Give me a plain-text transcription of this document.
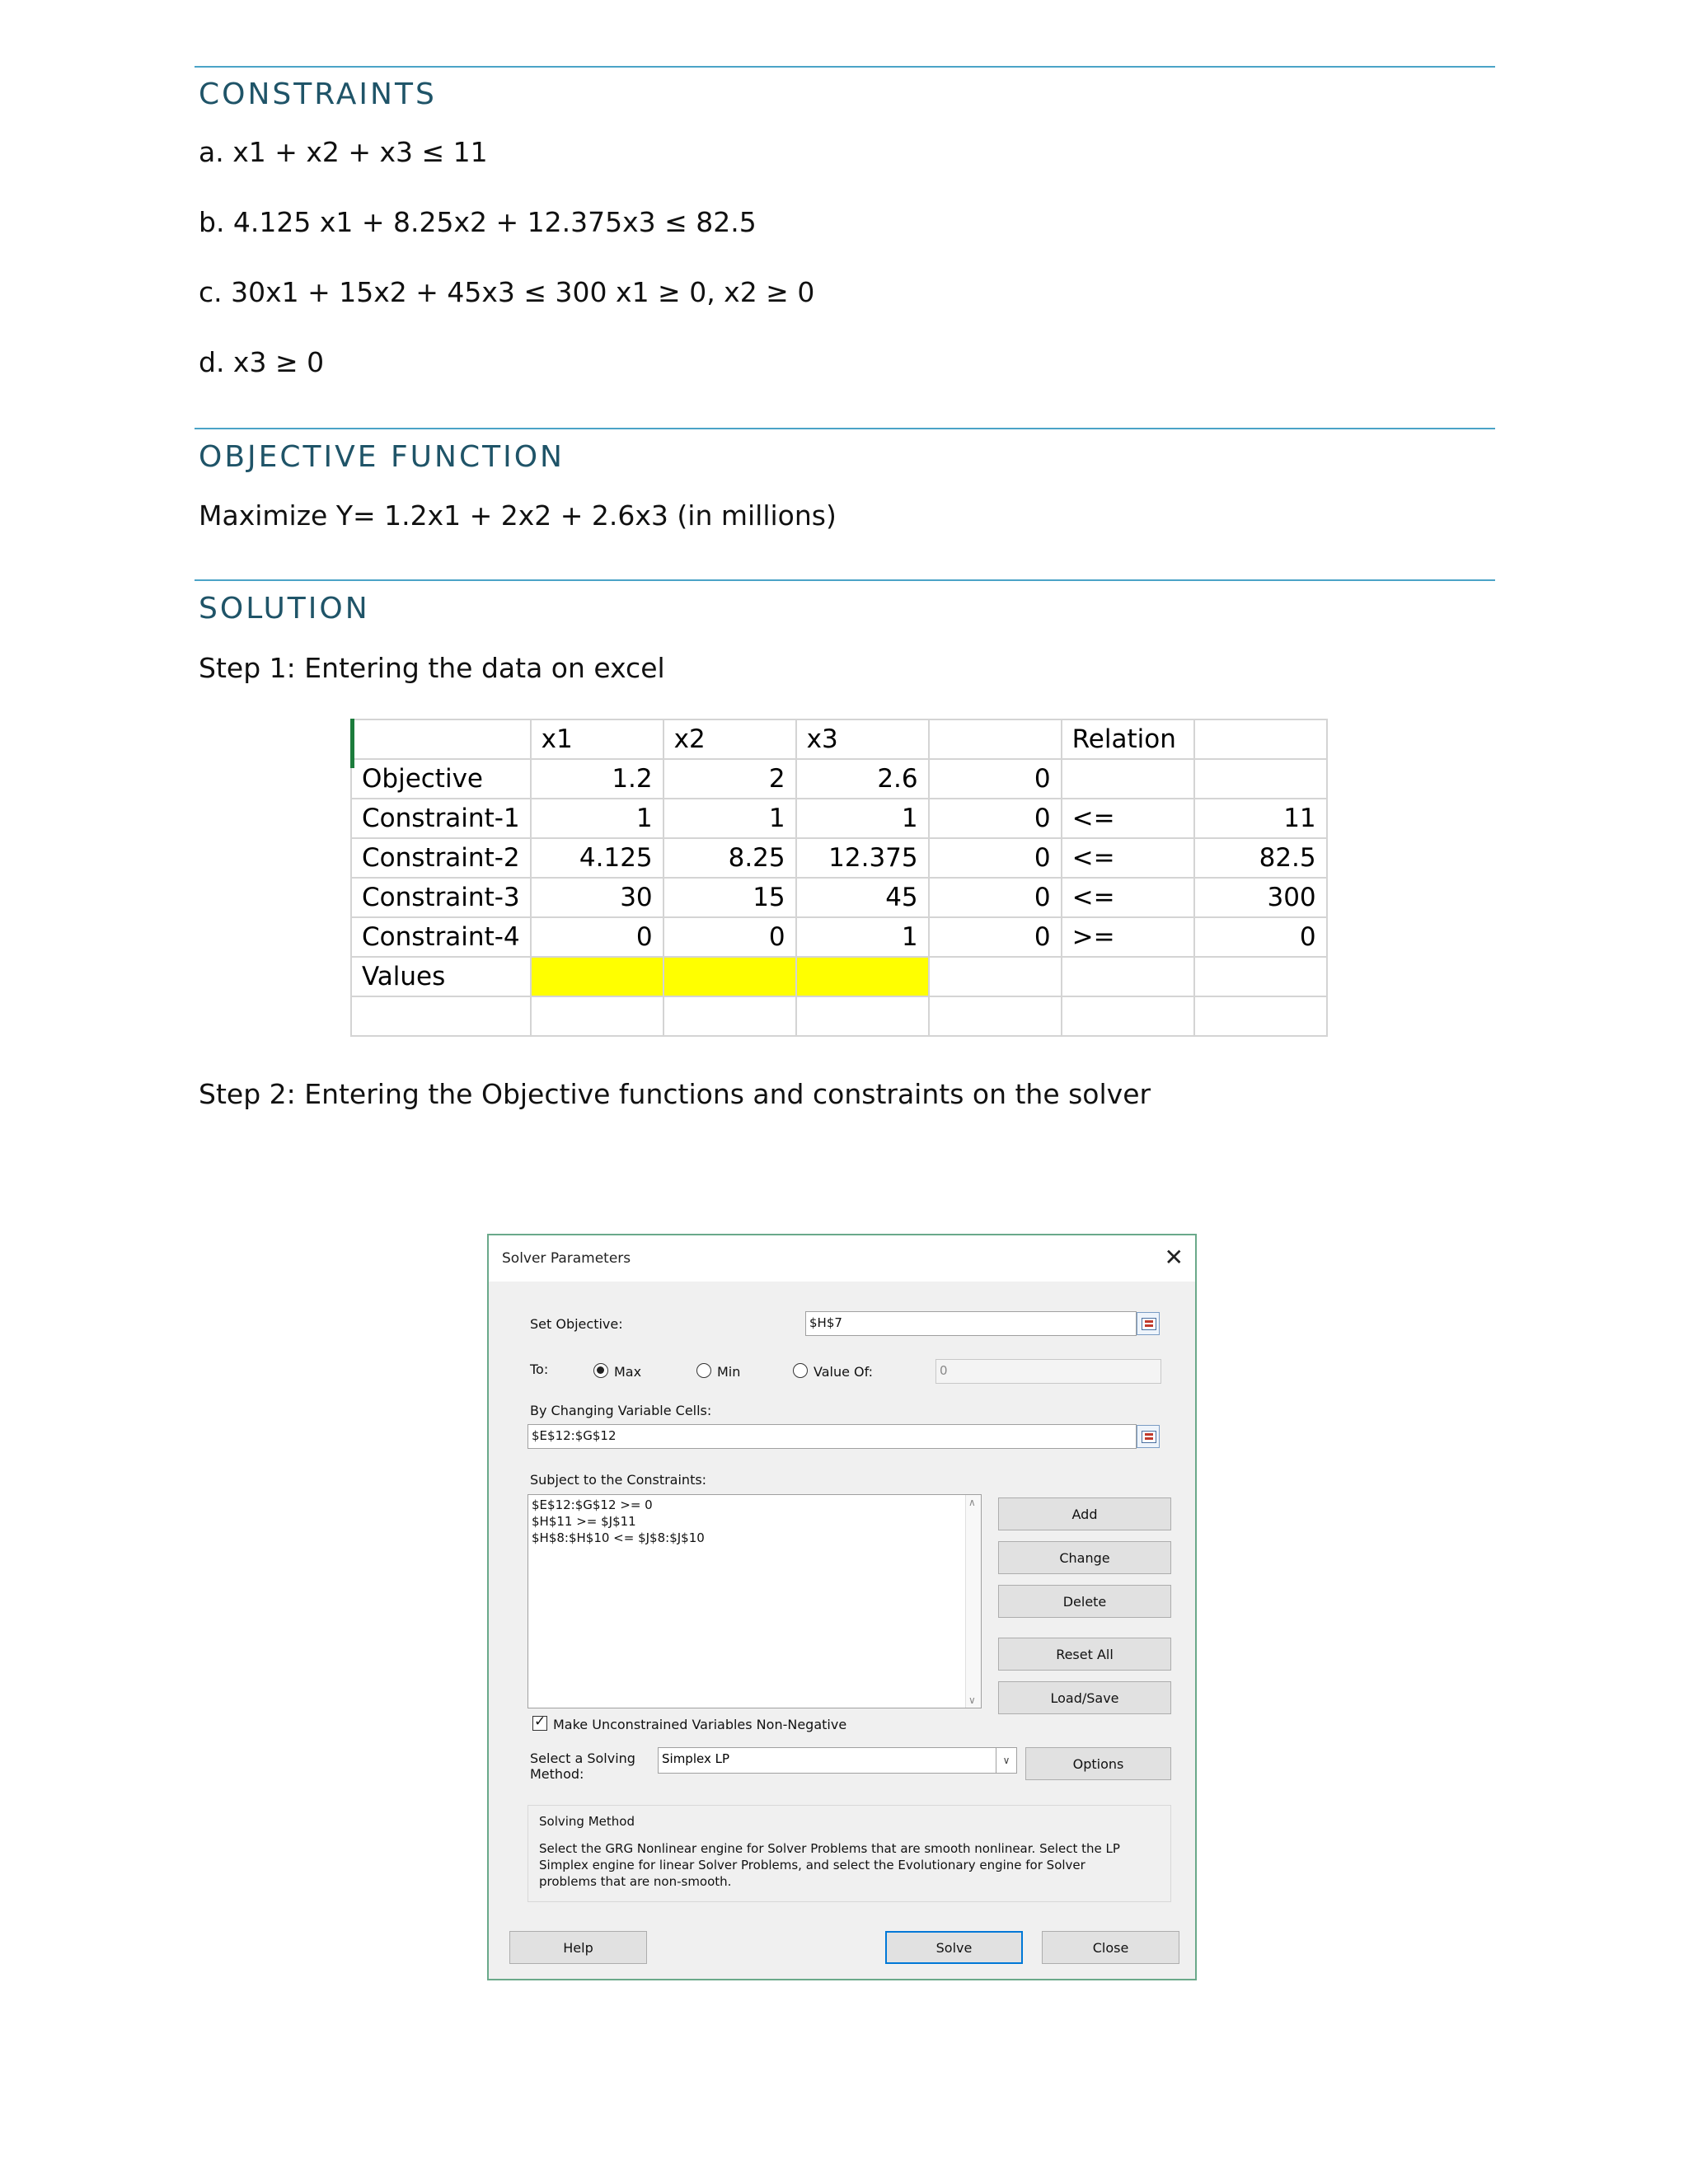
CONSTRAINTS
a. x1 + x2 + x3 ≤ 11
b. 4.125 x1 + 8.25x2 + 12.375x3 ≤ 82.5
c. 30x1 + 15x2 + 45x3 ≤ 300 x1 ≥ 0, x2 ≥ 0
d. x3 ≥ 0
OBJECTIVE FUNCTION
Maximize Y= 1.2x1 + 2x2 + 2.6x3 (in millions)
SOLUTION
Step 1: Entering the data on excel
	x1	x2	x3		Relation	
Objective	1.2	2	2.6	0		
Constraint-1	1	1	1	0	<=	11
Constraint-2	4.125	8.25	12.375	0	<=	82.5
Constraint-3	30	15	45	0	<=	300
Constraint-4	0	0	1	0	>=	0
Values						

Step 2: Entering the Objective functions and constraints on the solver
Solver Parameters	✕
Set Objective:	$H$7
To:	Max	Min	Value Of:	0
By Changing Variable Cells:
$E$12:$G$12
Subject to the Constraints:
$E$12:$G$12 >= 0
$H$11 >= $J$11
$H$8:$H$10 <= $J$8:$J$10
∧
∨
Add
Change
Delete
Reset All
Load/Save
✓
Make Unconstrained Variables Non-Negative
Select a Solving
Method:
Simplex LP	∨	Options
Solving Method
Select the GRG Nonlinear engine for Solver Problems that are smooth nonlinear. Select the LP
Simplex engine for linear Solver Problems, and select the Evolutionary engine for Solver
problems that are non-smooth.
Help	Solve	Close
